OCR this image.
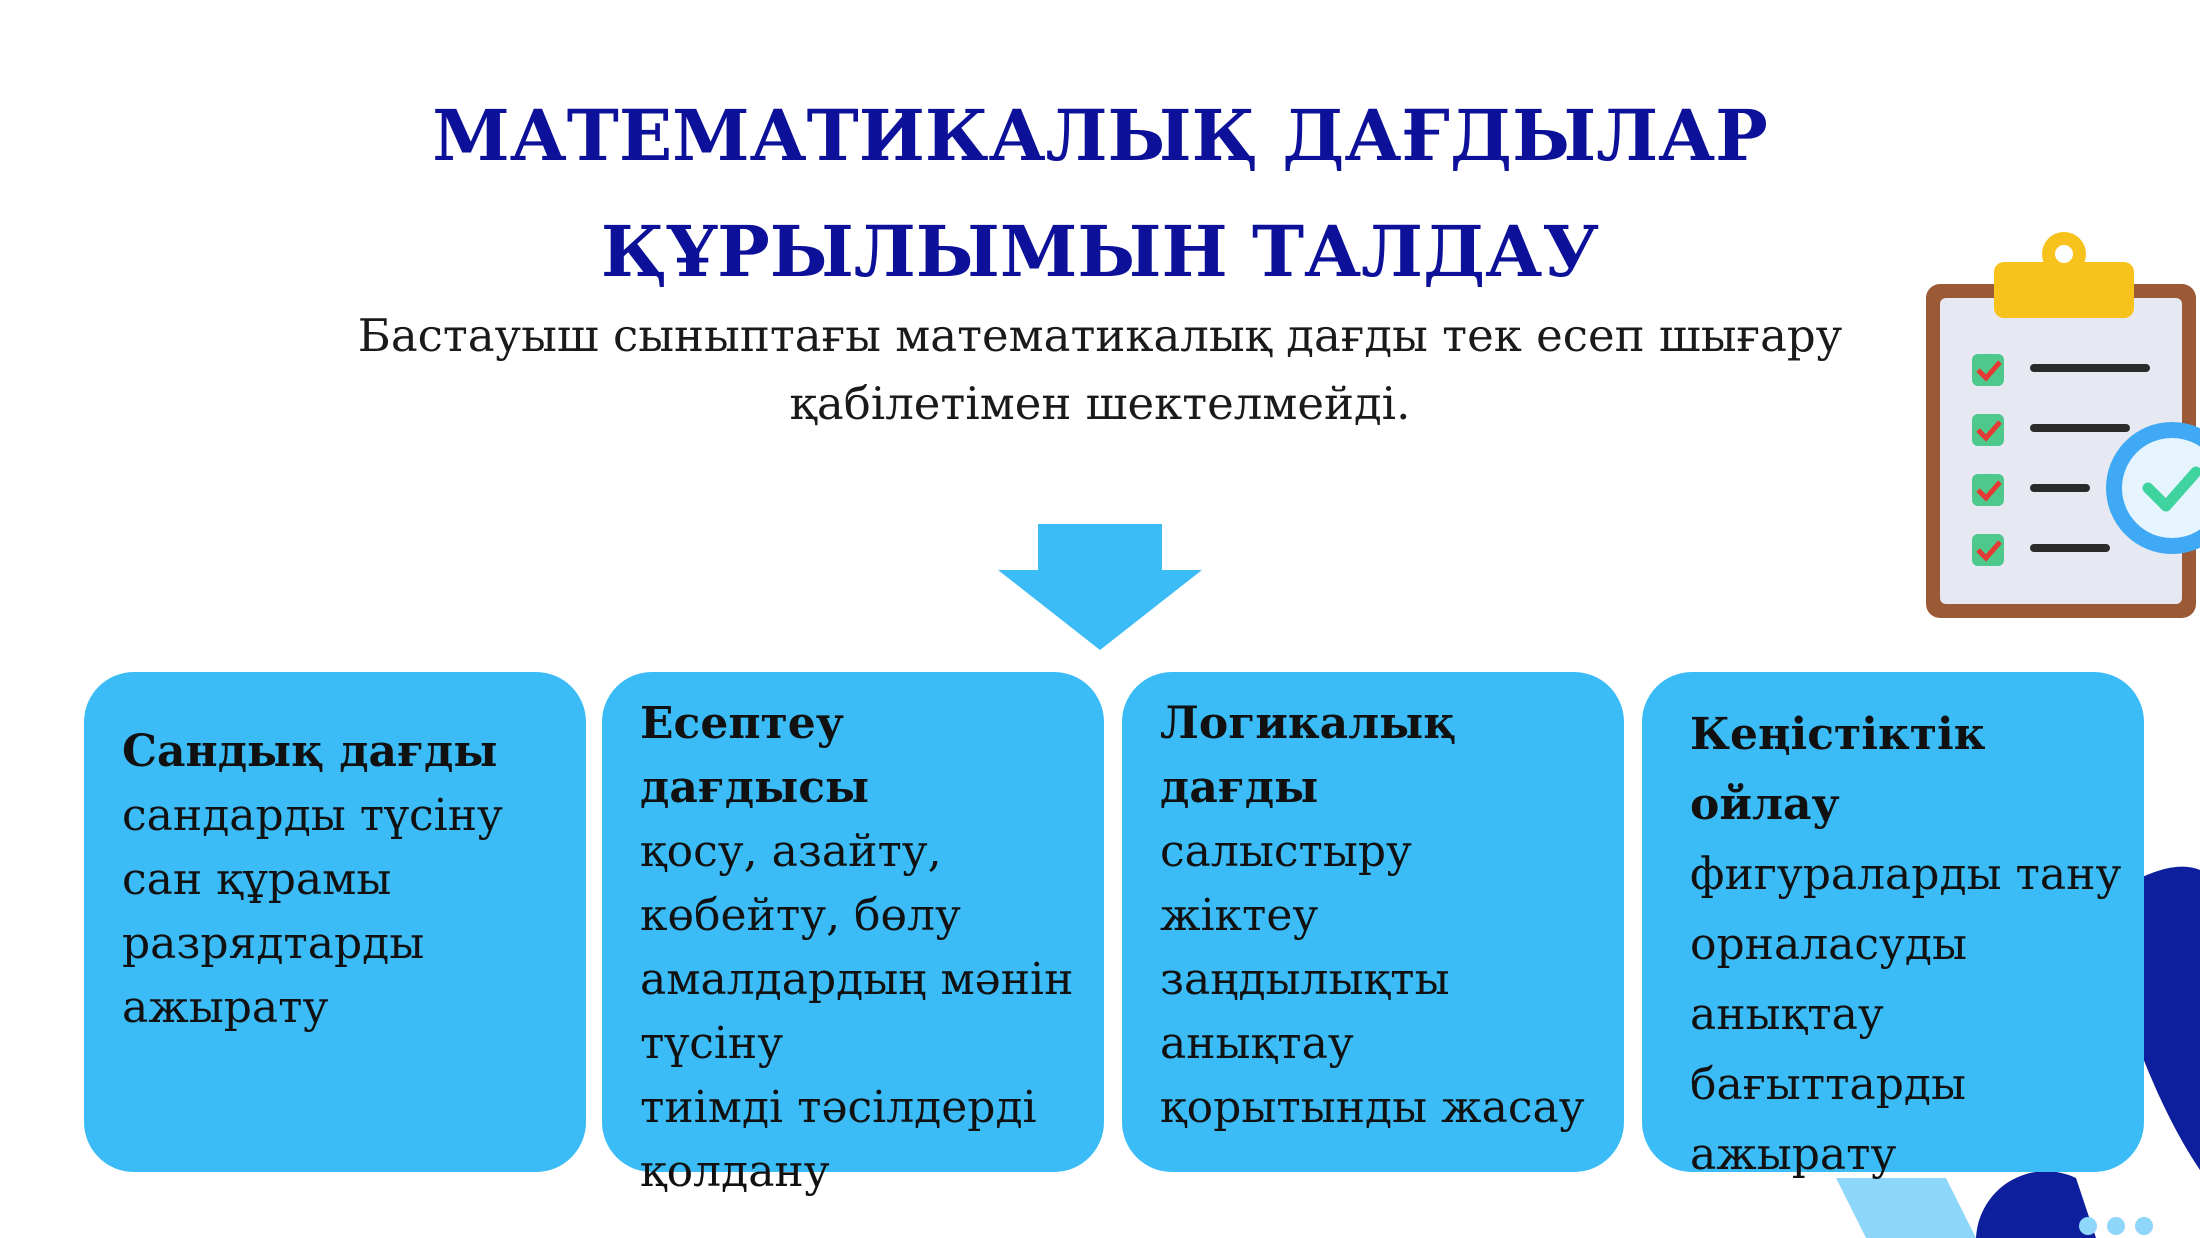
МАТЕМАТИКАЛЫҚ ДАҒДЫЛАР
ҚҰРЫЛЫМЫН ТАЛДАУ

Бастауыш сыныптағы математикалық дағды тек есеп шығару
қабілетімен шектелмейді.

Сандық дағды
сандарды түсіну
сан құрамы
разрядтарды
ажырату
Есептеу дағдысы
қосу, азайту,
көбейту, бөлу
амалдардың мәнін
түсіну
тиімді тәсілдерді
қолдану
Логикалық
дағды
салыстыру
жіктеу
заңдылықты
анықтау
қорытынды жасау
Кеңістіктік ойлау
фигураларды тану
орналасуды
анықтау
бағыттарды
ажырату
